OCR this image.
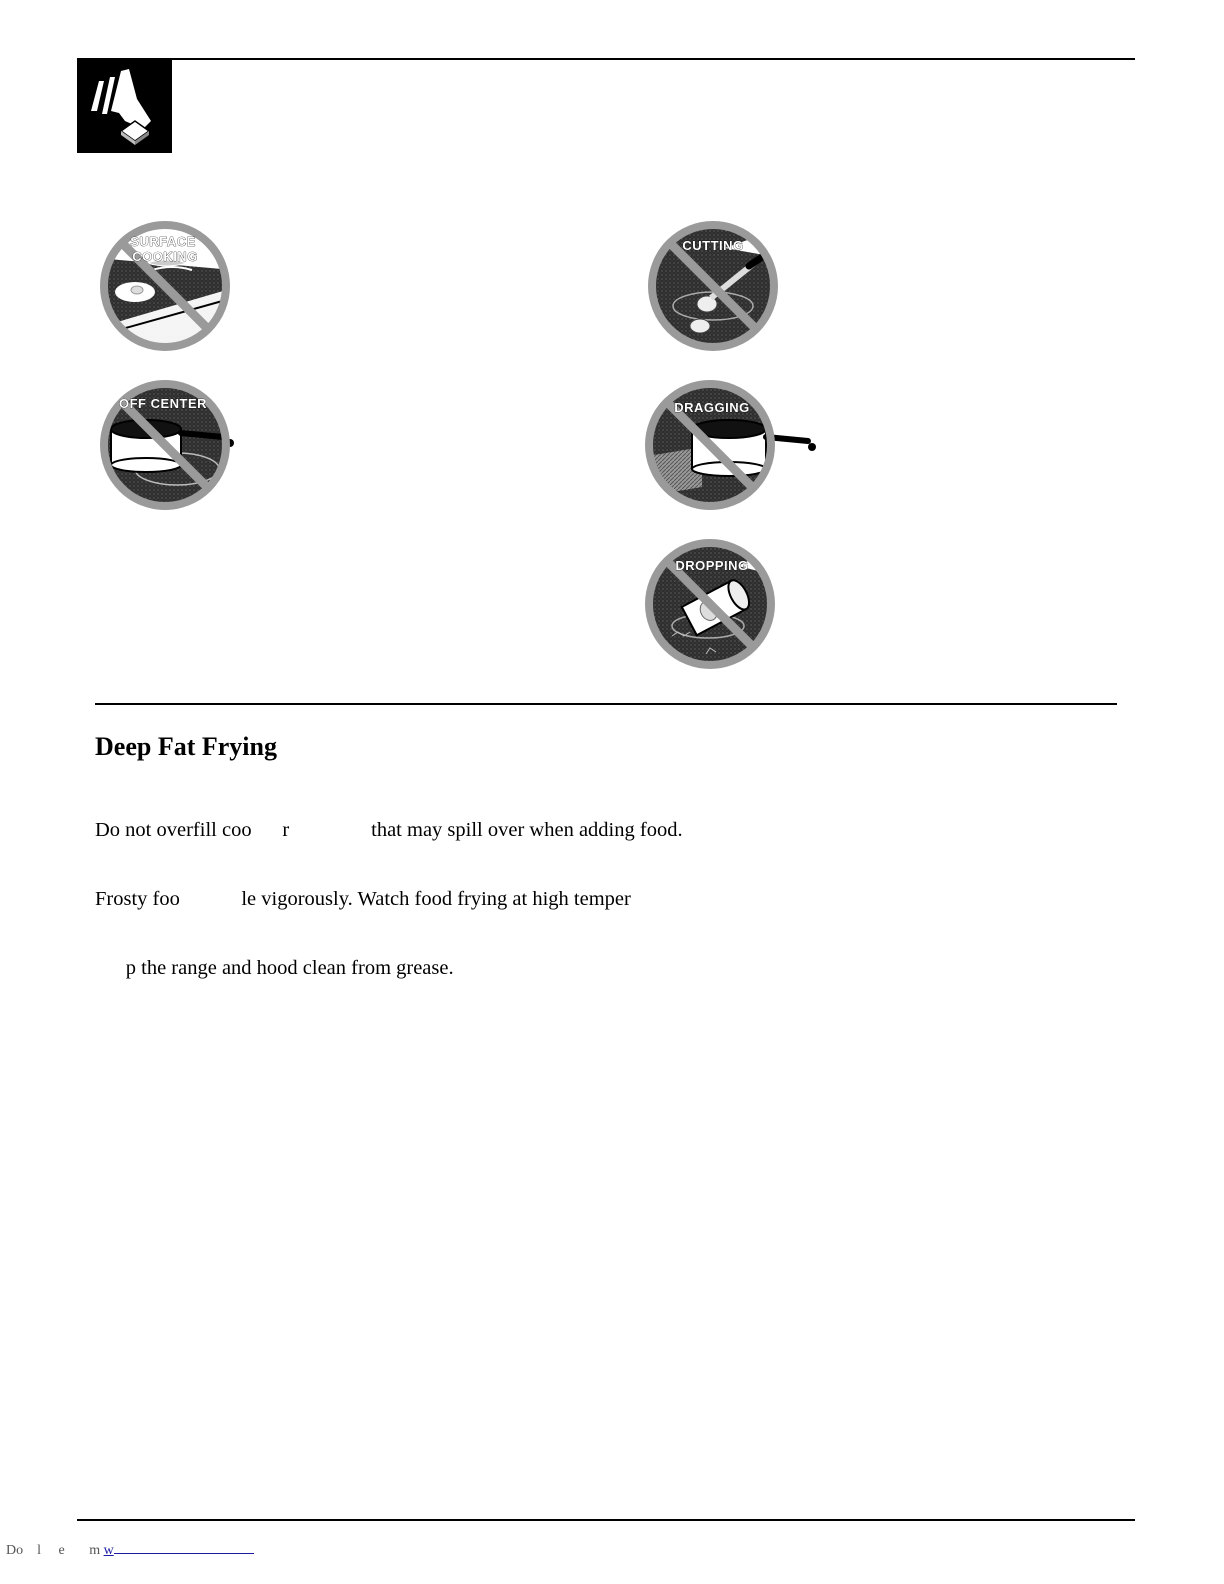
SURFACE
COOKING
CUTTING
OFF CENTER	DRAGGING
DROPPING
Deep Fat Frying

Do not overfill coo      r                that may spill over when adding food.

Frosty foo            le vigorously. Watch food frying at high temper

p the range and hood clean from grease.

Do    l     e       m w
